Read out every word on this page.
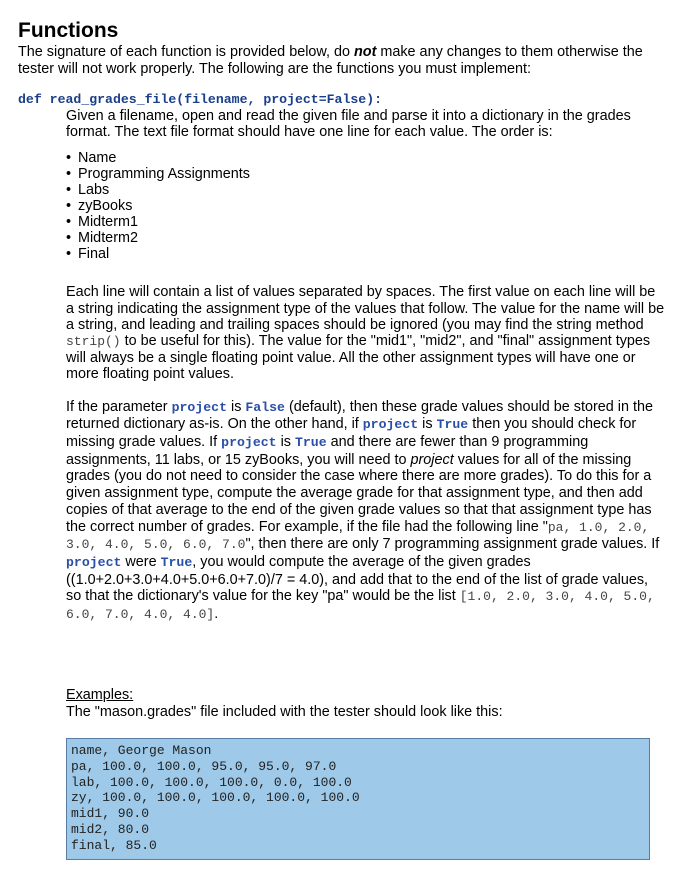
Functions
The signature of each function is provided below, do not make any changes to them otherwise the tester will not work properly. The following are the functions you must implement:
def read_grades_file(filename, project=False):

Given a filename, open and read the given file and parse it into a dictionary in the grades format. The text file format should have one line for each value. The order is:

• Name
• Programming Assignments
• Labs
• zyBooks
• Midterm1
• Midterm2
• Final

Each line will contain a list of values separated by spaces. The first value on each line will be a string indicating the assignment type of the values that follow. The value for the name will be a string, and leading and trailing spaces should be ignored (you may find the string method strip() to be useful for this). The value for the "mid1", "mid2", and "final" assignment types will always be a single floating point value. All the other assignment types will have one or more floating point values.

If the parameter project is False (default), then these grade values should be stored in the returned dictionary as-is. On the other hand, if project is True then you should check for missing grade values. If project is True and there are fewer than 9 programming assignments, 11 labs, or 15 zyBooks, you will need to project values for all of the missing grades (you do not need to consider the case where there are more grades). To do this for a given assignment type, compute the average grade for that assignment type, and then add copies of that average to the end of the given grade values so that that assignment type has the correct number of grades. For example, if the file had the following line "pa, 1.0, 2.0, 3.0, 4.0, 5.0, 6.0, 7.0", then there are only 7 programming assignment grade values. If project were True, you would compute the average of the given grades ((1.0+2.0+3.0+4.0+5.0+6.0+7.0)/7 = 4.0), and add that to the end of the list of grade values, so that the dictionary's value for the key "pa" would be the list [1.0, 2.0, 3.0, 4.0, 5.0, 6.0, 7.0, 4.0, 4.0].

Examples:
The "mason.grades" file included with the tester should look like this:
name, George Mason
pa, 100.0, 100.0, 95.0, 95.0, 97.0
lab, 100.0, 100.0, 100.0, 0.0, 100.0
zy, 100.0, 100.0, 100.0, 100.0, 100.0
mid1, 90.0
mid2, 80.0
final, 85.0
